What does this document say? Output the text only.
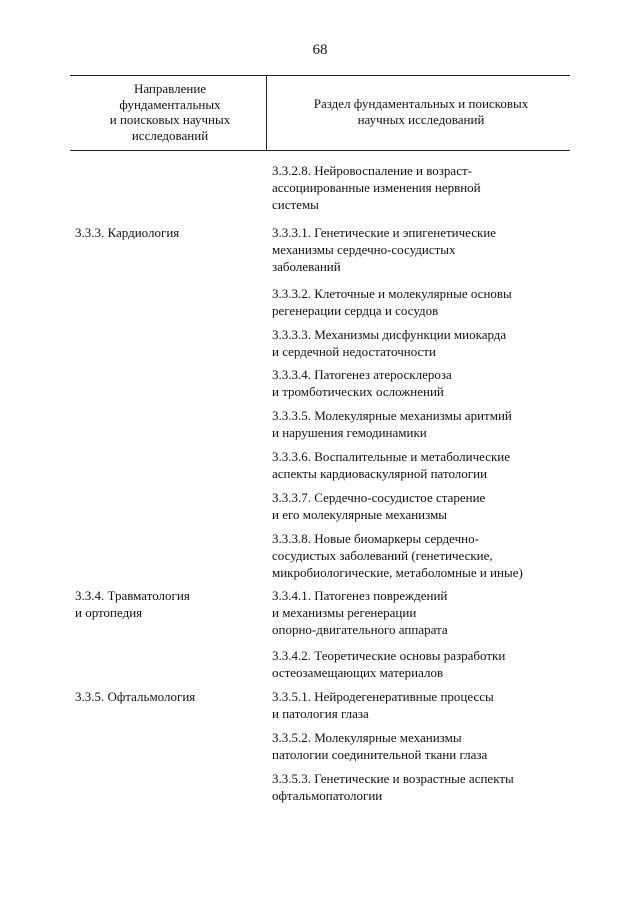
68
Направление
фундаментальных
и поисковых научных
исследований
Раздел фундаментальных и поисковых
научных исследований
3.3.2.8. Нейровоспаление и возраст-
ассоциированные изменения нервной
системы
3.3.3. Кардиология	3.3.3.1. Генетические и эпигенетические
механизмы сердечно-сосудистых
заболеваний
3.3.3.2. Клеточные и молекулярные основы
регенерации сердца и сосудов
3.3.3.3. Механизмы дисфункции миокарда
и сердечной недостаточности
3.3.3.4. Патогенез атеросклероза
и тромботических осложнений
3.3.3.5. Молекулярные механизмы аритмий
и нарушения гемодинамики
3.3.3.6. Воспалительные и метаболические
аспекты кардиоваскулярной патологии
3.3.3.7. Сердечно-сосудистое старение
и его молекулярные механизмы
3.3.3.8. Новые биомаркеры сердечно-
сосудистых заболеваний (генетические,
микробиологические, метаболомные и иные)
3.3.4. Травматология
и ортопедия
3.3.4.1. Патогенез повреждений
и механизмы регенерации
опорно-двигательного аппарата
3.3.4.2. Теоретические основы разработки
остеозамещающих материалов
3.3.5. Офтальмология	3.3.5.1. Нейродегенеративные процессы
и патология глаза
3.3.5.2. Молекулярные механизмы
патологии соединительной ткани глаза
3.3.5.3. Генетические и возрастные аспекты
офтальмопатологии
